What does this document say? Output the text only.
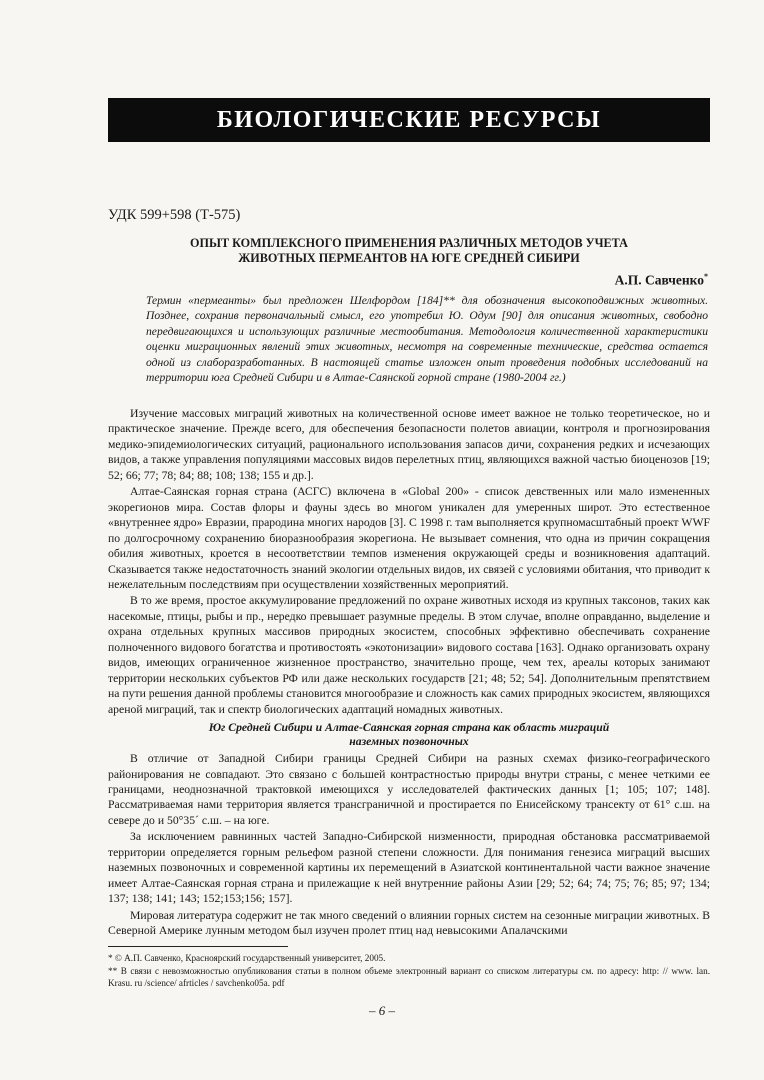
БИОЛОГИЧЕСКИЕ РЕСУРСЫ
УДК 599+598 (Т-575)
ОПЫТ КОМПЛЕКСНОГО ПРИМЕНЕНИЯ РАЗЛИЧНЫХ МЕТОДОВ УЧЕТА
ЖИВОТНЫХ ПЕРМЕАНТОВ НА ЮГЕ СРЕДНЕЙ СИБИРИ
А.П. Савченко*
Термин «пермеанты» был предложен Шелфордом [184]** для обозначения высокоподвижных животных. Позднее, сохранив первоначальный смысл, его употребил Ю. Одум [90] для описания животных, свободно передвигающихся и использующих различные местообитания. Методология количественной характеристики оценки миграционных явлений этих животных, несмотря на современные технические, средства остается одной из слаборазработанных. В настоящей статье изложен опыт проведения подобных исследований на территории юга Средней Сибири и в Алтае-Саянской горной стране (1980-2004 гг.)

Изучение массовых миграций животных на количественной основе имеет важное не только теоретическое, но и практическое значение. Прежде всего, для обеспечения безопасности полетов авиации, контроля и прогнозирования медико-эпидемиологических ситуаций, рационального использования запасов дичи, сохранения редких и исчезающих видов, а также управления популяциями массовых видов перелетных птиц, являющихся важной частью биоценозов [19; 52; 66; 77; 78; 84; 88; 108; 138; 155 и др.].

Алтае-Саянская горная страна (АСГС) включена в «Global 200» - список девственных или мало измененных экорегионов мира. Состав флоры и фауны здесь во многом уникален для умеренных широт. Это естественное «внутреннее ядро» Евразии, прародина многих народов [3]. С 1998 г. там выполняется крупномасштабный проект WWF по долгосрочному сохранению биоразнообразия экорегиона. Не вызывает сомнения, что одна из причин сокращения обилия животных, кроется в несоответствии темпов изменения окружающей среды и возникновения адаптаций. Сказывается также недостаточность знаний экологии отдельных видов, их связей с условиями обитания, что приводит к нежелательным последствиям при осуществлении хозяйственных мероприятий.

В то же время, простое аккумулирование предложений по охране животных исходя из крупных таксонов, таких как насекомые, птицы, рыбы и пр., нередко превышает разумные пределы. В этом случае, вполне оправданно, выделение и охрана отдельных крупных массивов природных экосистем, способных эффективно обеспечивать сохранение полноченного видового богатства и противостоять «экотонизации» видового состава [163]. Однако организовать охрану видов, имеющих ограниченное жизненное пространство, значительно проще, чем тех, ареалы которых занимают территории нескольких субъектов РФ или даже нескольких государств [21; 48; 52; 54]. Дополнительным препятствием на пути решения данной проблемы становится многообразие и сложность как самих природных экосистем, являющихся ареной миграций, так и спектр биологических адаптаций номадных животных.

Юг Средней Сибири и Алтае-Саянская горная страна как область миграций наземных позвоночных

В отличие от Западной Сибири границы Средней Сибири на разных схемах физико-географического районирования не совпадают. Это связано с большей контрастностью природы внутри страны, с менее четкими ее границами, неоднозначной трактовкой имеющихся у исследователей фактических данных [1; 105; 107; 148]. Рассматриваемая нами территория является трансграничной и простирается по Енисейскому трансекту от 61° с.ш. на севере до и 50°35´ с.ш. – на юге.

За исключением равнинных частей Западно-Сибирской низменности, природная обстановка рассматриваемой территории определяется горным рельефом разной степени сложности. Для понимания генезиса миграций высших наземных позвоночных и современной картины их перемещений в Азиатской континентальной части важное значение имеет Алтае-Саянская горная страна и прилежащие к ней внутренние районы Азии [29; 52; 64; 74; 75; 76; 85; 97; 134; 137; 138; 141; 143; 152;153;156; 157].

Мировая литература содержит не так много сведений о влиянии горных систем на сезонные миграции животных. В Северной Америке лунным методом был изучен пролет птиц над невысокими Апалачскими

* © А.П. Савченко, Красноярский государственный университет, 2005.
** В связи с невозможностью опубликования статьи в полном объеме электронный вариант со списком литературы см. по адресу: http: // www. lan. Krasu. ru /science/ afrticles / savchenko05a. pdf
– 6 –
